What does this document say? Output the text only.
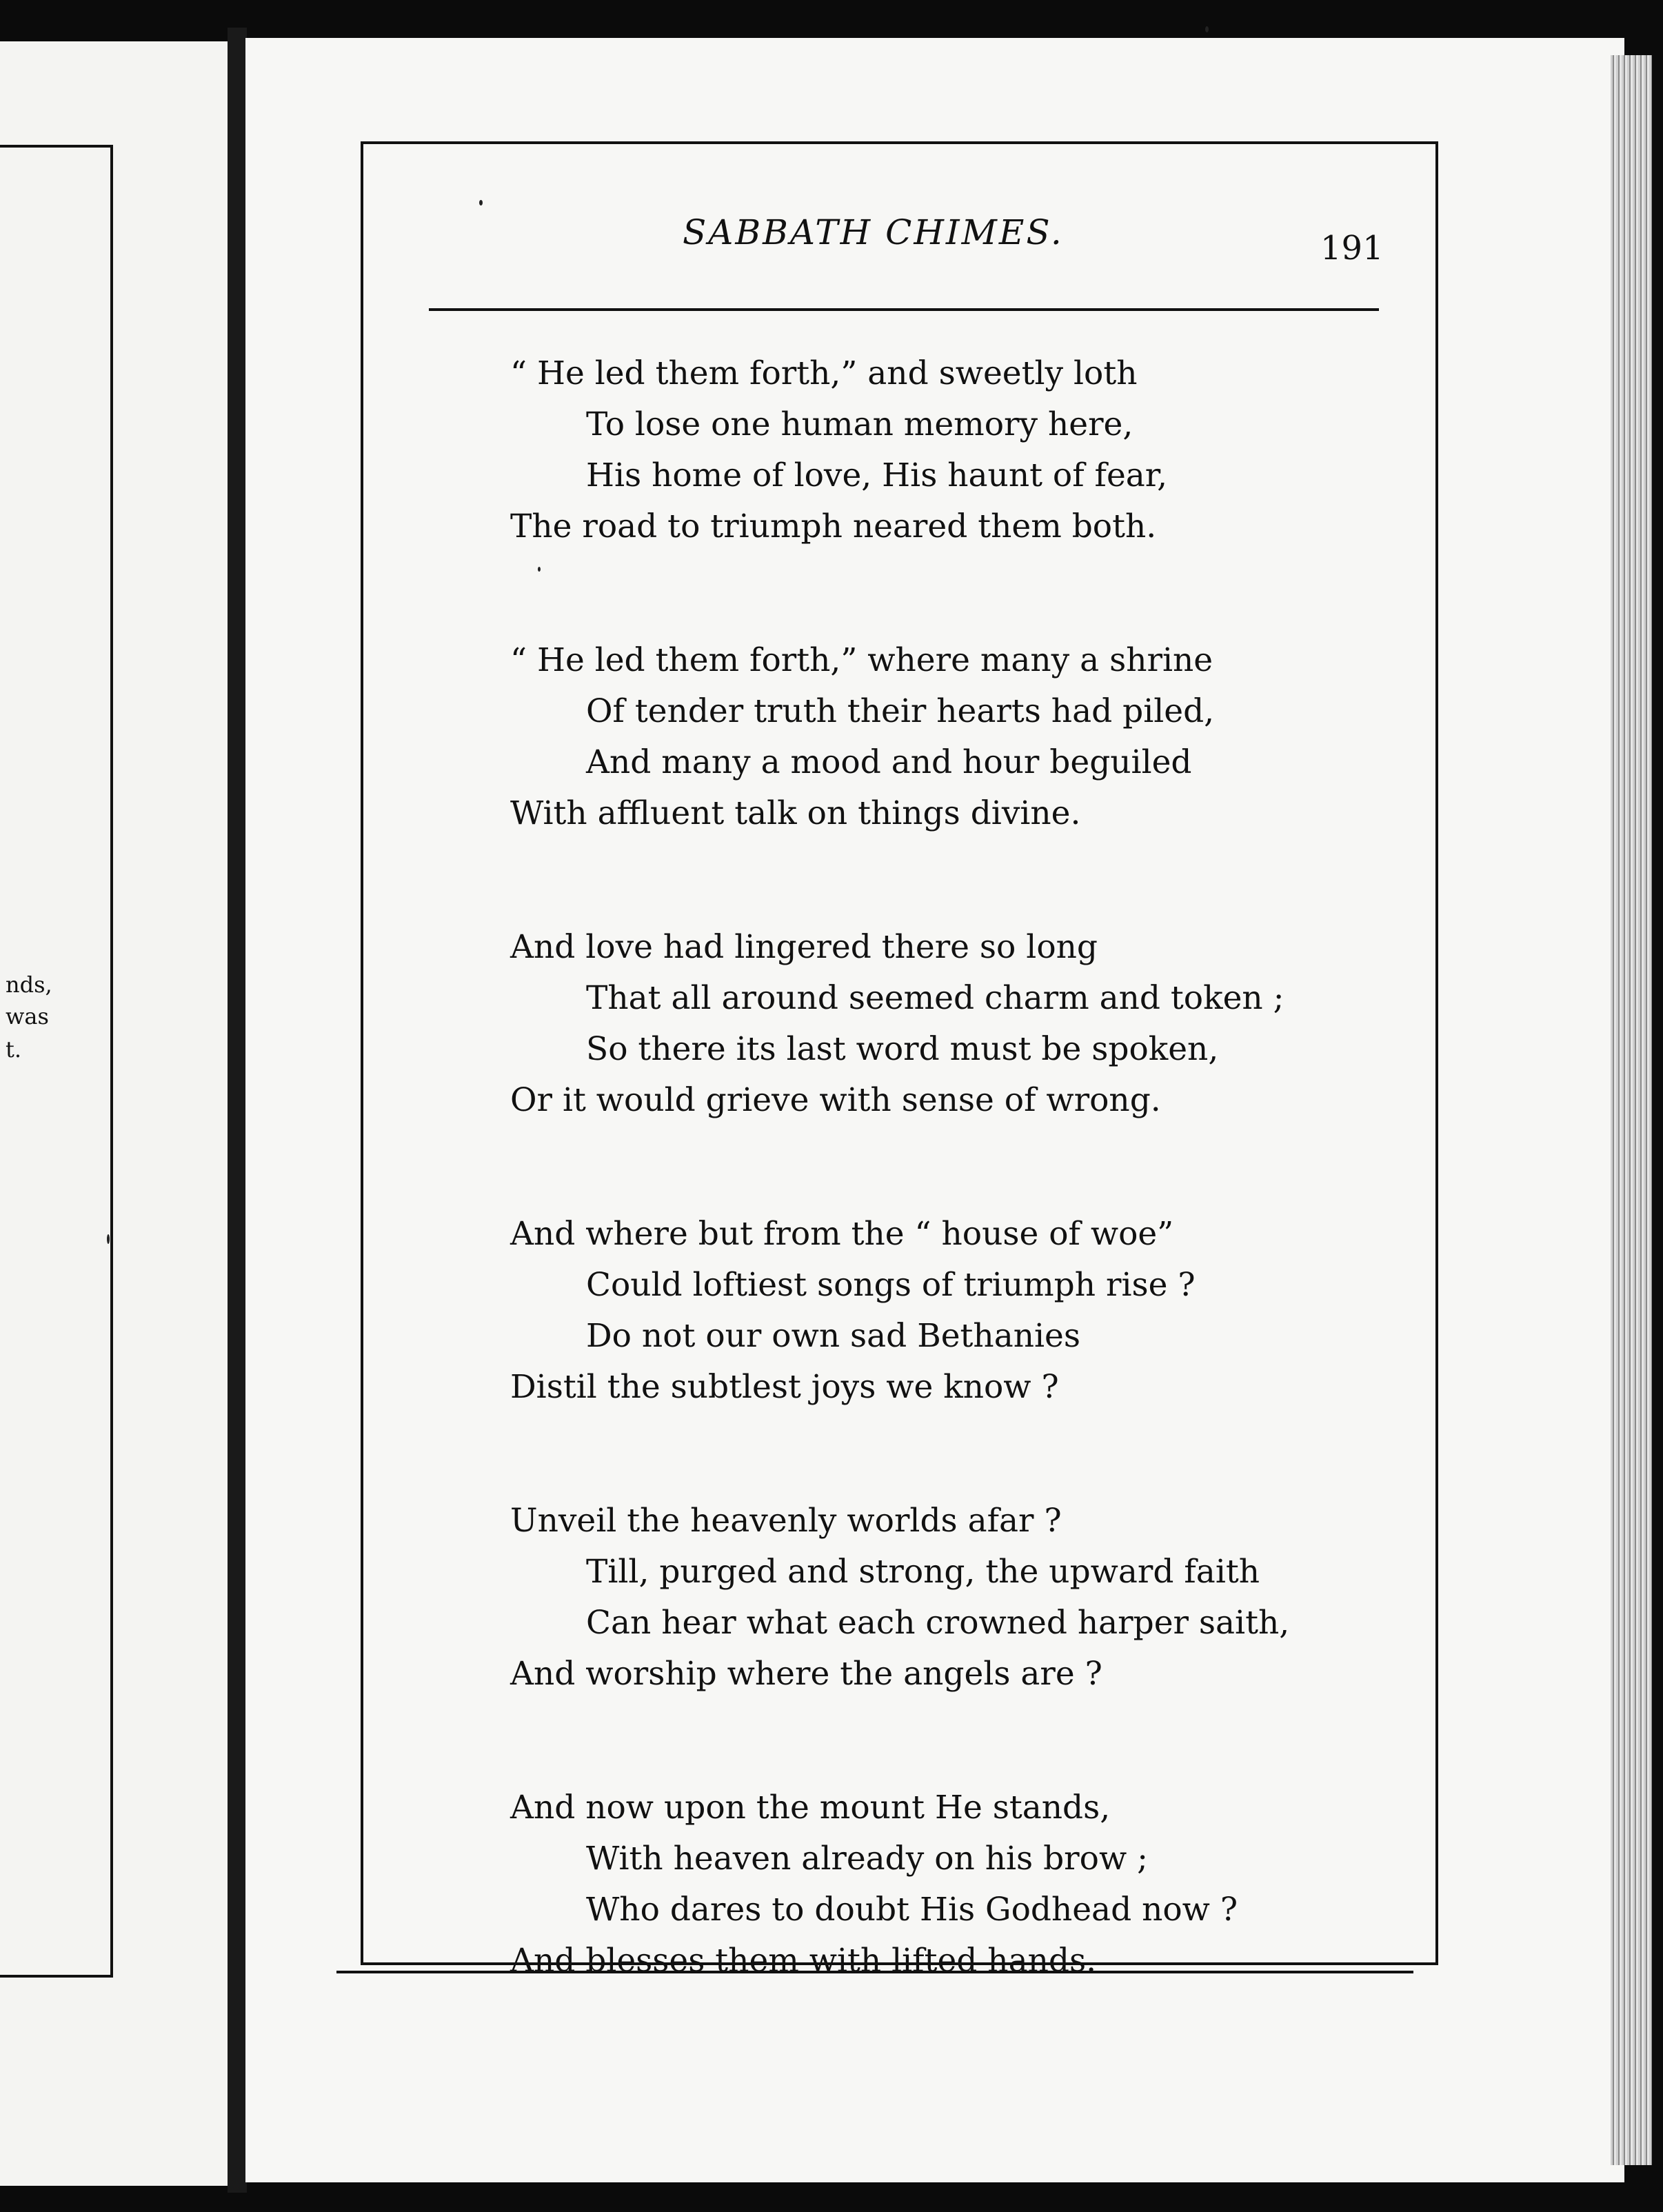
nds,
was
t.
SABBATH CHIMES.	191
“ He led them forth,” and sweetly loth
To lose one human memory here,
His home of love, His haunt of fear,
The road to triumph neared them both.
“ He led them forth,” where many a shrine
Of tender truth their hearts had piled,
And many a mood and hour beguiled
With affluent talk on things divine.
And love had lingered there so long
That all around seemed charm and token ;
So there its last word must be spoken,
Or it would grieve with sense of wrong.
And where but from the “ house of woe”
Could loftiest songs of triumph rise ?
Do not our own sad Bethanies
Distil the subtlest joys we know ?
Unveil the heavenly worlds afar ?
Till, purged and strong, the upward faith
Can hear what each crowned harper saith,
And worship where the angels are ?
And now upon the mount He stands,
With heaven already on his brow ;
Who dares to doubt His Godhead now ?
And blesses them with lifted hands.
